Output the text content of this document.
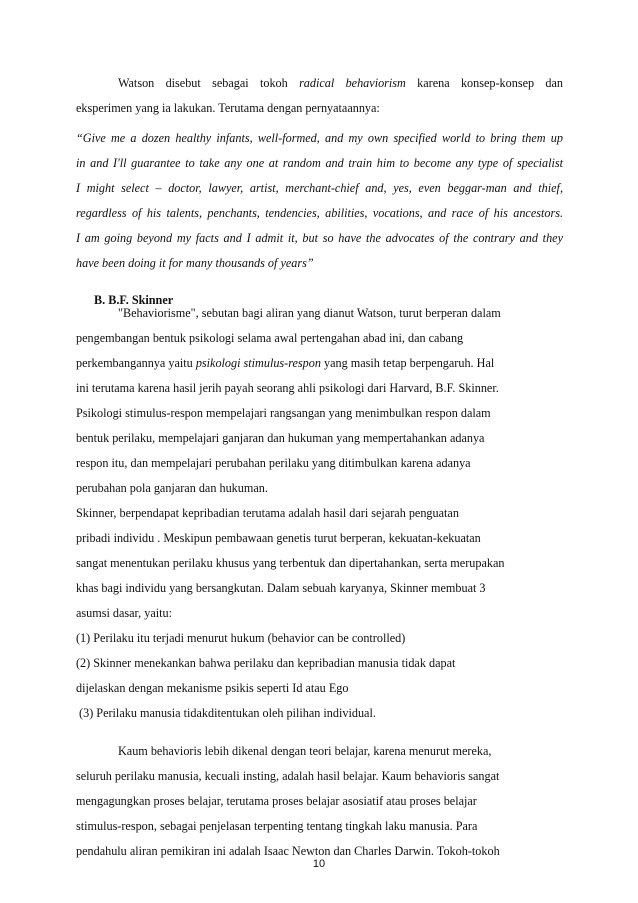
Watson disebut sebagai tokoh radical behaviorism karena konsep-konsep dan
eksperimen yang ia lakukan. Terutama dengan pernyataannya:
“Give me a dozen healthy infants, well-formed, and my own specified world to bring them up
in and I'll guarantee to take any one at random and train him to become any type of specialist
I might select – doctor, lawyer, artist, merchant-chief and, yes, even beggar-man and thief,
regardless of his talents, penchants, tendencies, abilities, vocations, and race of his ancestors.
I am going beyond my facts and I admit it, but so have the advocates of the contrary and they
have been doing it for many thousands of years”
B. B.F. Skinner
"Behaviorisme", sebutan bagi aliran yang dianut Watson, turut berperan dalam
pengembangan bentuk psikologi selama awal pertengahan abad ini, dan cabang
perkembangannya yaitu psikologi stimulus-respon yang masih tetap berpengaruh. Hal
ini terutama karena hasil jerih payah seorang ahli psikologi dari Harvard, B.F. Skinner.
Psikologi stimulus-respon mempelajari rangsangan yang menimbulkan respon dalam
bentuk perilaku, mempelajari ganjaran dan hukuman yang mempertahankan adanya
respon itu, dan mempelajari perubahan perilaku yang ditimbulkan karena adanya
perubahan pola ganjaran dan hukuman.
Skinner, berpendapat kepribadian terutama adalah hasil dari sejarah penguatan
pribadi individu . Meskipun pembawaan genetis turut berperan, kekuatan-kekuatan
sangat menentukan perilaku khusus yang terbentuk dan dipertahankan, serta merupakan
khas bagi individu yang bersangkutan. Dalam sebuah karyanya, Skinner membuat 3
asumsi dasar, yaitu:
(1) Perilaku itu terjadi menurut hukum (behavior can be controlled)
(2) Skinner menekankan bahwa perilaku dan kepribadian manusia tidak dapat
dijelaskan dengan mekanisme psikis seperti Id atau Ego
(3) Perilaku manusia tidakditentukan oleh pilihan individual.
Kaum behavioris lebih dikenal dengan teori belajar, karena menurut mereka,
seluruh perilaku manusia, kecuali insting, adalah hasil belajar. Kaum behavioris sangat
mengagungkan proses belajar, terutama proses belajar asosiatif atau proses belajar
stimulus-respon, sebagai penjelasan terpenting tentang tingkah laku manusia. Para
pendahulu aliran pemikiran ini adalah Isaac Newton dan Charles Darwin. Tokoh-tokoh
10
